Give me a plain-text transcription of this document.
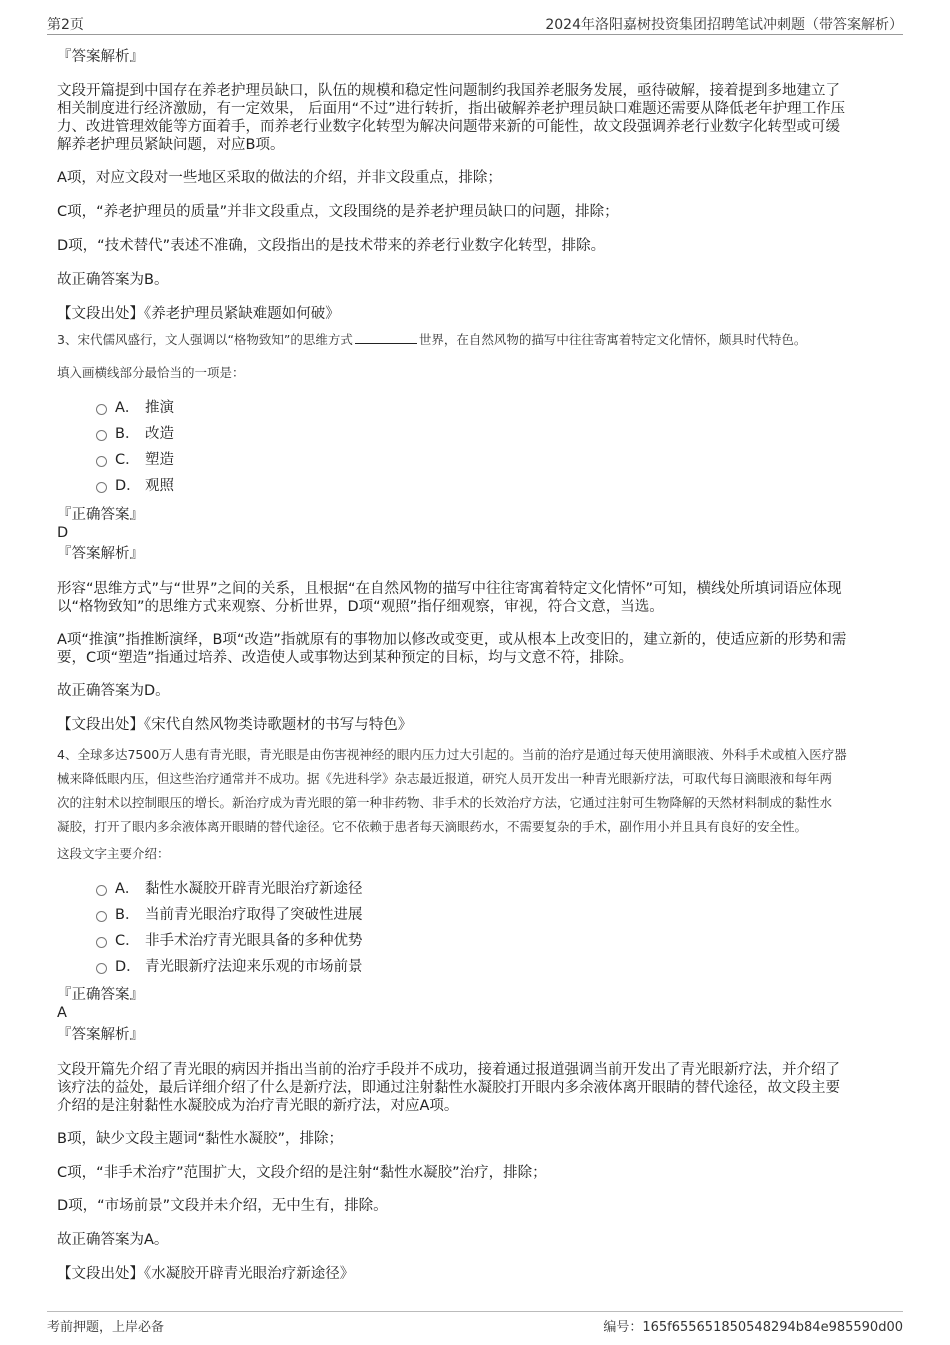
第2页	2024年洛阳嘉树投资集团招聘笔试冲刺题（带答案解析）
『答案解析』
文段开篇提到中国存在养老护理员缺口，队伍的规模和稳定性问题制约我国养老服务发展，亟待破解，接着提到多地建立了
相关制度进行经济激励，有一定效果， 后面用“不过”进行转折，指出破解养老护理员缺口难题还需要从降低老年护理工作压
力、改进管理效能等方面着手，而养老行业数字化转型为解决问题带来新的可能性，故文段强调养老行业数字化转型或可缓
解养老护理员紧缺问题，对应B项。
A项，对应文段对一些地区采取的做法的介绍，并非文段重点，排除；
C项，“养老护理员的质量”并非文段重点，文段围绕的是养老护理员缺口的问题，排除；
D项，“技术替代”表述不准确，文段指出的是技术带来的养老行业数字化转型，排除。
故正确答案为B。
【文段出处】《养老护理员紧缺难题如何破》
3、宋代儒风盛行，文人强调以“格物致知”的思维方式	世界，在自然风物的描写中往往寄寓着特定文化情怀，颇具时代特色。
填入画横线部分最恰当的一项是：
A． 推演
B． 改造
C． 塑造
D． 观照
『正确答案』
D
『答案解析』
形容“思维方式”与“世界”之间的关系，且根据“在自然风物的描写中往往寄寓着特定文化情怀”可知，横线处所填词语应体现
以“格物致知”的思维方式来观察、分析世界，D项“观照”指仔细观察，审视，符合文意，当选。
A项“推演”指推断演绎，B项“改造”指就原有的事物加以修改或变更，或从根本上改变旧的，建立新的，使适应新的形势和需
要，C项“塑造”指通过培养、改造使人或事物达到某种预定的目标，均与文意不符，排除。
故正确答案为D。
【文段出处】《宋代自然风物类诗歌题材的书写与特色》
4、全球多达7500万人患有青光眼，青光眼是由伤害视神经的眼内压力过大引起的。当前的治疗是通过每天使用滴眼液、外科手术或植入医疗器
械来降低眼内压，但这些治疗通常并不成功。据《先进科学》杂志最近报道，研究人员开发出一种青光眼新疗法，可取代每日滴眼液和每年两
次的注射术以控制眼压的增长。新治疗成为青光眼的第一种非药物、非手术的长效治疗方法，它通过注射可生物降解的天然材料制成的黏性水
凝胶，打开了眼内多余液体离开眼睛的替代途径。它不依赖于患者每天滴眼药水，不需要复杂的手术，副作用小并且具有良好的安全性。
这段文字主要介绍：
A． 黏性水凝胶开辟青光眼治疗新途径
B． 当前青光眼治疗取得了突破性进展
C． 非手术治疗青光眼具备的多种优势
D． 青光眼新疗法迎来乐观的市场前景
『正确答案』
A
『答案解析』
文段开篇先介绍了青光眼的病因并指出当前的治疗手段并不成功，接着通过报道强调当前开发出了青光眼新疗法，并介绍了
该疗法的益处，最后详细介绍了什么是新疗法，即通过注射黏性水凝胶打开眼内多余液体离开眼睛的替代途径，故文段主要
介绍的是注射黏性水凝胶成为治疗青光眼的新疗法，对应A项。
B项，缺少文段主题词“黏性水凝胶”，排除；
C项，“非手术治疗”范围扩大，文段介绍的是注射“黏性水凝胶”治疗，排除；
D项，“市场前景”文段并未介绍，无中生有，排除。
故正确答案为A。
【文段出处】《水凝胶开辟青光眼治疗新途径》
考前押题，上岸必备	编号：165f655651850548294b84e985590d00
